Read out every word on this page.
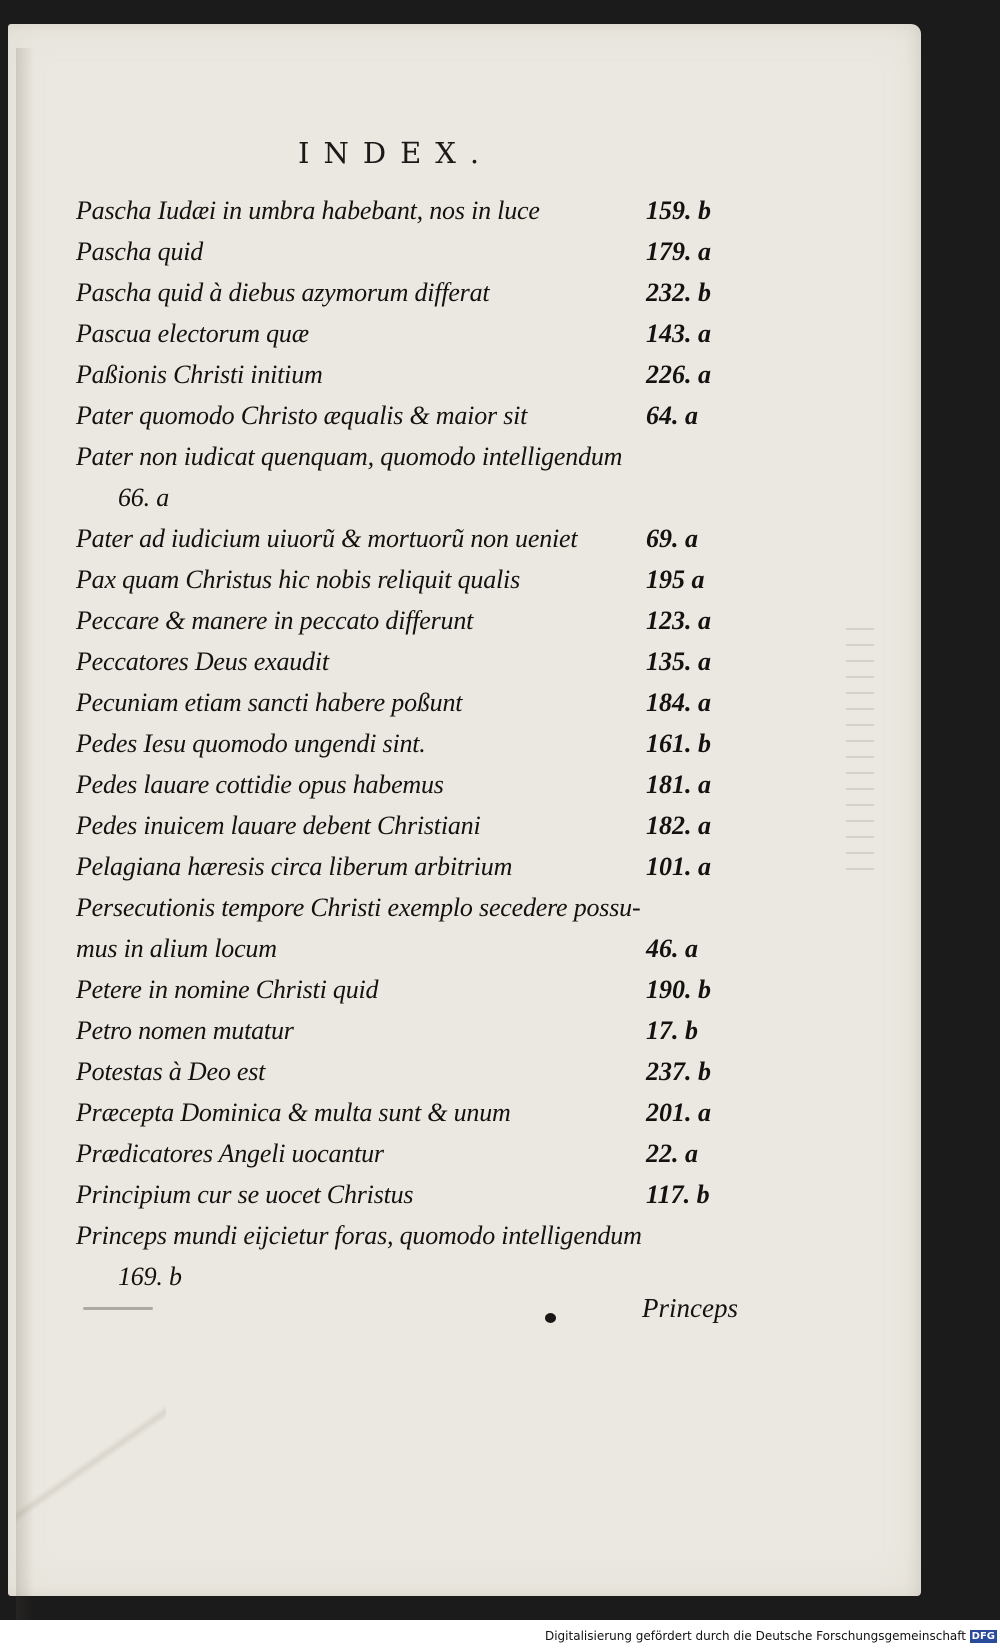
INDEX.
Pascha Iudæi in umbra habebant, nos in luce	159. b
Pascha quid	179. a
Pascha quid à diebus azymorum differat	232. b
Pascua electorum quæ	143. a
Paßionis Christi initium	226. a
Pater quomodo Christo æqualis & maior sit	64. a
Pater non iudicat quenquam, quomodo intelligendum
66. a
Pater ad iudicium uiuorũ & mortuorũ non ueniet	69. a
Pax quam Christus hic nobis reliquit qualis	195 a
Peccare & manere in peccato differunt	123. a
Peccatores Deus exaudit	135. a
Pecuniam etiam sancti habere poßunt	184. a
Pedes Iesu quomodo ungendi sint.	161. b
Pedes lauare cottidie opus habemus	181. a
Pedes inuicem lauare debent Christiani	182. a
Pelagiana hæresis circa liberum arbitrium	101. a
Persecutionis tempore Christi exemplo secedere possu-
mus in alium locum	46. a
Petere in nomine Christi quid	190. b
Petro nomen mutatur	17. b
Potestas à Deo est	237. b
Præcepta Dominica & multa sunt & unum	201. a
Prædicatores Angeli uocantur	22. a
Principium cur se uocet Christus	117. b
Princeps mundi eijcietur foras, quomodo intelligendum
169. b

Princeps

Digitalisierung gefördert durch die Deutsche Forschungsgemeinschaft DFG
